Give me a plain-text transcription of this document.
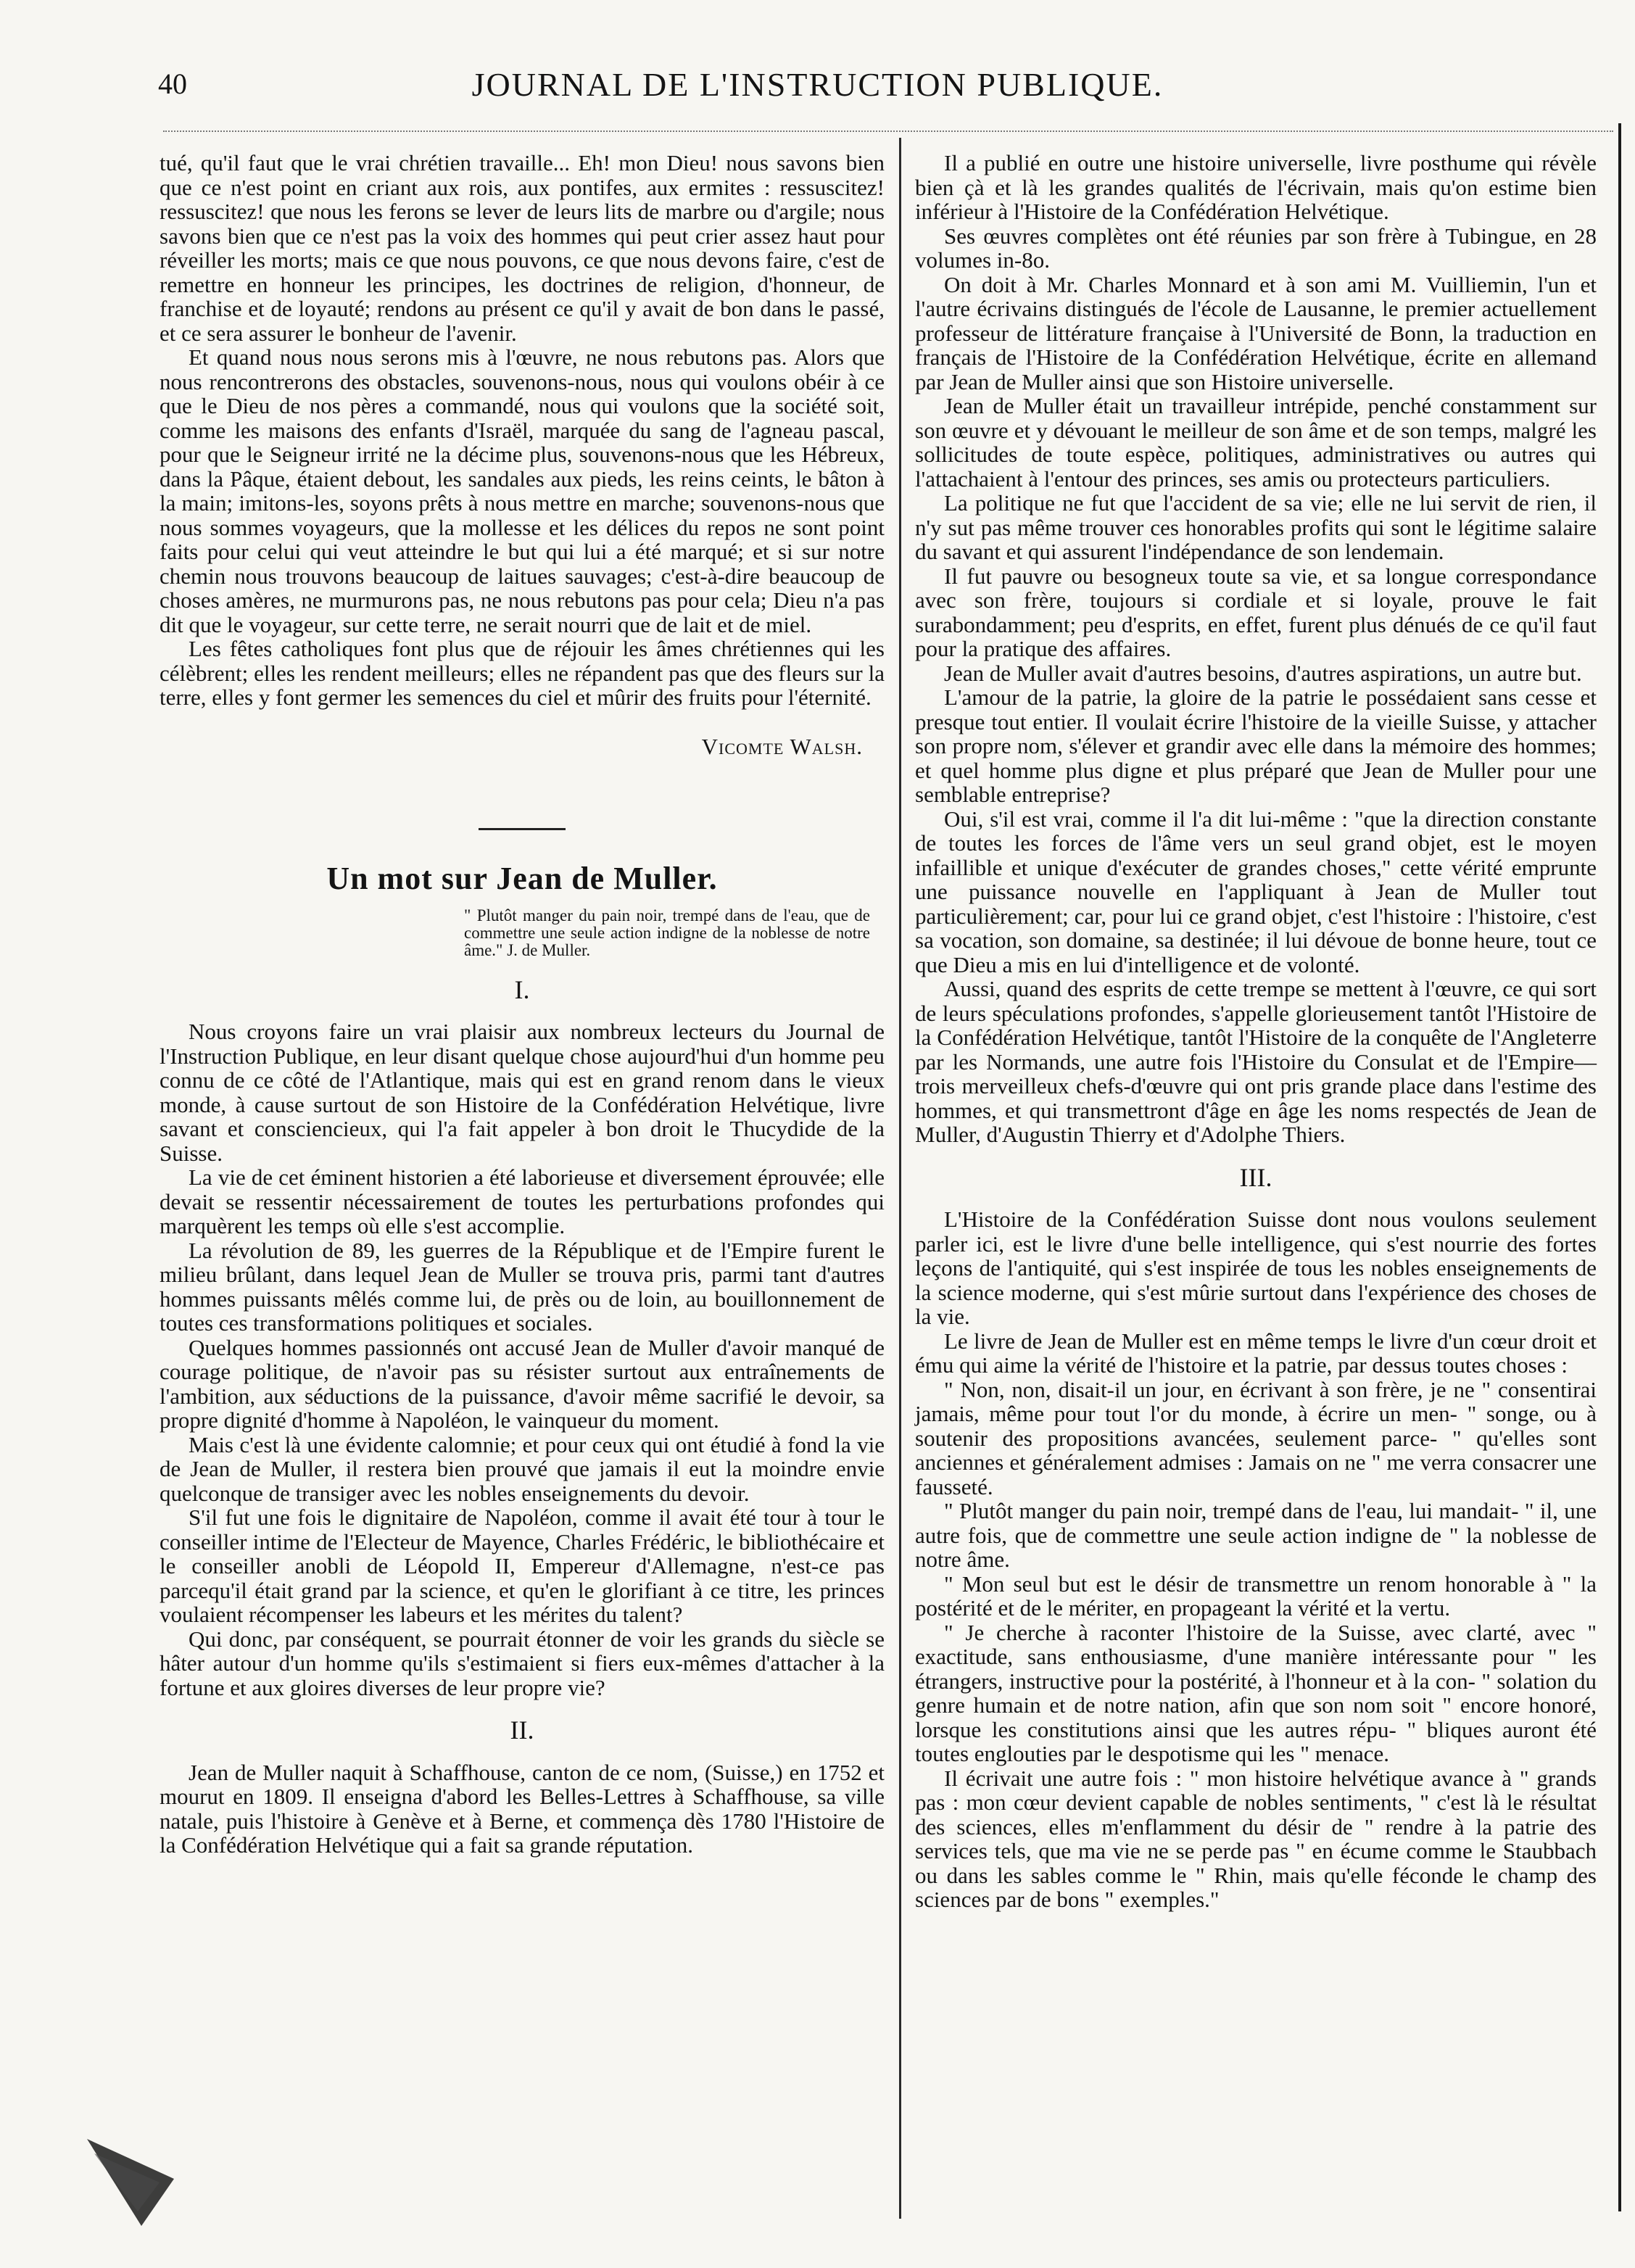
40	JOURNAL DE L'INSTRUCTION PUBLIQUE.

tué, qu'il faut que le vrai chrétien travaille... Eh! mon Dieu! nous savons bien que ce n'est point en criant aux rois, aux pontifes, aux ermites : ressuscitez! ressuscitez! que nous les ferons se lever de leurs lits de marbre ou d'argile; nous savons bien que ce n'est pas la voix des hommes qui peut crier assez haut pour réveiller les morts; mais ce que nous pouvons, ce que nous devons faire, c'est de remettre en honneur les principes, les doctrines de religion, d'honneur, de franchise et de loyauté; rendons au présent ce qu'il y avait de bon dans le passé, et ce sera assurer le bonheur de l'avenir.

Et quand nous nous serons mis à l'œuvre, ne nous rebutons pas. Alors que nous rencontrerons des obstacles, souvenons-nous, nous qui voulons obéir à ce que le Dieu de nos pères a commandé, nous qui voulons que la société soit, comme les maisons des enfants d'Israël, marquée du sang de l'agneau pascal, pour que le Seigneur irrité ne la décime plus, souvenons-nous que les Hébreux, dans la Pâque, étaient debout, les sandales aux pieds, les reins ceints, le bâton à la main; imitons-les, soyons prêts à nous mettre en marche; souvenons-nous que nous sommes voyageurs, que la mollesse et les délices du repos ne sont point faits pour celui qui veut atteindre le but qui lui a été marqué; et si sur notre chemin nous trouvons beaucoup de laitues sauvages; c'est-à-dire beaucoup de choses amères, ne murmurons pas, ne nous rebutons pas pour cela; Dieu n'a pas dit que le voyageur, sur cette terre, ne serait nourri que de lait et de miel.

Les fêtes catholiques font plus que de réjouir les âmes chrétiennes qui les célèbrent; elles les rendent meilleurs; elles ne répandent pas que des fleurs sur la terre, elles y font germer les semences du ciel et mûrir des fruits pour l'éternité.

Vicomte Walsh.
Un mot sur Jean de Muller.
" Plutôt manger du pain noir, trempé dans de l'eau, que de commettre une seule action indigne de la noblesse de notre âme." J. de Muller.
I.

Nous croyons faire un vrai plaisir aux nombreux lecteurs du Journal de l'Instruction Publique, en leur disant quelque chose aujourd'hui d'un homme peu connu de ce côté de l'Atlantique, mais qui est en grand renom dans le vieux monde, à cause surtout de son Histoire de la Confédération Helvétique, livre savant et consciencieux, qui l'a fait appeler à bon droit le Thucydide de la Suisse.

La vie de cet éminent historien a été laborieuse et diversement éprouvée; elle devait se ressentir nécessairement de toutes les perturbations profondes qui marquèrent les temps où elle s'est accomplie.

La révolution de 89, les guerres de la République et de l'Empire furent le milieu brûlant, dans lequel Jean de Muller se trouva pris, parmi tant d'autres hommes puissants mêlés comme lui, de près ou de loin, au bouillonnement de toutes ces transformations politiques et sociales.

Quelques hommes passionnés ont accusé Jean de Muller d'avoir manqué de courage politique, de n'avoir pas su résister surtout aux entraînements de l'ambition, aux séductions de la puissance, d'avoir même sacrifié le devoir, sa propre dignité d'homme à Napoléon, le vainqueur du moment.

Mais c'est là une évidente calomnie; et pour ceux qui ont étudié à fond la vie de Jean de Muller, il restera bien prouvé que jamais il eut la moindre envie quelconque de transiger avec les nobles enseignements du devoir.

S'il fut une fois le dignitaire de Napoléon, comme il avait été tour à tour le conseiller intime de l'Electeur de Mayence, Charles Frédéric, le bibliothécaire et le conseiller anobli de Léopold II, Empereur d'Allemagne, n'est-ce pas parcequ'il était grand par la science, et qu'en le glorifiant à ce titre, les princes voulaient récompenser les labeurs et les mérites du talent?

Qui donc, par conséquent, se pourrait étonner de voir les grands du siècle se hâter autour d'un homme qu'ils s'estimaient si fiers eux-mêmes d'attacher à la fortune et aux gloires diverses de leur propre vie?

II.

Jean de Muller naquit à Schaffhouse, canton de ce nom, (Suisse,) en 1752 et mourut en 1809. Il enseigna d'abord les Belles-Lettres à Schaffhouse, sa ville natale, puis l'histoire à Genève et à Berne, et commença dès 1780 l'Histoire de la Confédération Helvétique qui a fait sa grande réputation.

Il a publié en outre une histoire universelle, livre posthume qui révèle bien çà et là les grandes qualités de l'écrivain, mais qu'on estime bien inférieur à l'Histoire de la Confédération Helvétique.

Ses œuvres complètes ont été réunies par son frère à Tubingue, en 28 volumes in-8o.

On doit à Mr. Charles Monnard et à son ami M. Vuilliemin, l'un et l'autre écrivains distingués de l'école de Lausanne, le premier actuellement professeur de littérature française à l'Université de Bonn, la traduction en français de l'Histoire de la Confédération Helvétique, écrite en allemand par Jean de Muller ainsi que son Histoire universelle.

Jean de Muller était un travailleur intrépide, penché constamment sur son œuvre et y dévouant le meilleur de son âme et de son temps, malgré les sollicitudes de toute espèce, politiques, administratives ou autres qui l'attachaient à l'entour des princes, ses amis ou protecteurs particuliers.

La politique ne fut que l'accident de sa vie; elle ne lui servit de rien, il n'y sut pas même trouver ces honorables profits qui sont le légitime salaire du savant et qui assurent l'indépendance de son lendemain.

Il fut pauvre ou besogneux toute sa vie, et sa longue correspondance avec son frère, toujours si cordiale et si loyale, prouve le fait surabondamment; peu d'esprits, en effet, furent plus dénués de ce qu'il faut pour la pratique des affaires.

Jean de Muller avait d'autres besoins, d'autres aspirations, un autre but.

L'amour de la patrie, la gloire de la patrie le possédaient sans cesse et presque tout entier. Il voulait écrire l'histoire de la vieille Suisse, y attacher son propre nom, s'élever et grandir avec elle dans la mémoire des hommes; et quel homme plus digne et plus préparé que Jean de Muller pour une semblable entreprise?

Oui, s'il est vrai, comme il l'a dit lui-même : "que la direction constante de toutes les forces de l'âme vers un seul grand objet, est le moyen infaillible et unique d'exécuter de grandes choses," cette vérité emprunte une puissance nouvelle en l'appliquant à Jean de Muller tout particulièrement; car, pour lui ce grand objet, c'est l'histoire : l'histoire, c'est sa vocation, son domaine, sa destinée; il lui dévoue de bonne heure, tout ce que Dieu a mis en lui d'intelligence et de volonté.

Aussi, quand des esprits de cette trempe se mettent à l'œuvre, ce qui sort de leurs spéculations profondes, s'appelle glorieusement tantôt l'Histoire de la Confédération Helvétique, tantôt l'Histoire de la conquête de l'Angleterre par les Normands, une autre fois l'Histoire du Consulat et de l'Empire—trois merveilleux chefs-d'œuvre qui ont pris grande place dans l'estime des hommes, et qui transmettront d'âge en âge les noms respectés de Jean de Muller, d'Augustin Thierry et d'Adolphe Thiers.

III.

L'Histoire de la Confédération Suisse dont nous voulons seulement parler ici, est le livre d'une belle intelligence, qui s'est nourrie des fortes leçons de l'antiquité, qui s'est inspirée de tous les nobles enseignements de la science moderne, qui s'est mûrie surtout dans l'expérience des choses de la vie.

Le livre de Jean de Muller est en même temps le livre d'un cœur droit et ému qui aime la vérité de l'histoire et la patrie, par dessus toutes choses :

" Non, non, disait-il un jour, en écrivant à son frère, je ne " consentirai jamais, même pour tout l'or du monde, à écrire un men- " songe, ou à soutenir des propositions avancées, seulement parce- " qu'elles sont anciennes et généralement admises : Jamais on ne " me verra consacrer une fausseté.

" Plutôt manger du pain noir, trempé dans de l'eau, lui mandait- " il, une autre fois, que de commettre une seule action indigne de " la noblesse de notre âme.

" Mon seul but est le désir de transmettre un renom honorable à " la postérité et de le mériter, en propageant la vérité et la vertu.

" Je cherche à raconter l'histoire de la Suisse, avec clarté, avec " exactitude, sans enthousiasme, d'une manière intéressante pour " les étrangers, instructive pour la postérité, à l'honneur et à la con- " solation du genre humain et de notre nation, afin que son nom soit " encore honoré, lorsque les constitutions ainsi que les autres répu- " bliques auront été toutes englouties par le despotisme qui les " menace.

Il écrivait une autre fois : " mon histoire helvétique avance à " grands pas : mon cœur devient capable de nobles sentiments, " c'est là le résultat des sciences, elles m'enflamment du désir de " rendre à la patrie des services tels, que ma vie ne se perde pas " en écume comme le Staubbach ou dans les sables comme le " Rhin, mais qu'elle féconde le champ des sciences par de bons " exemples."
